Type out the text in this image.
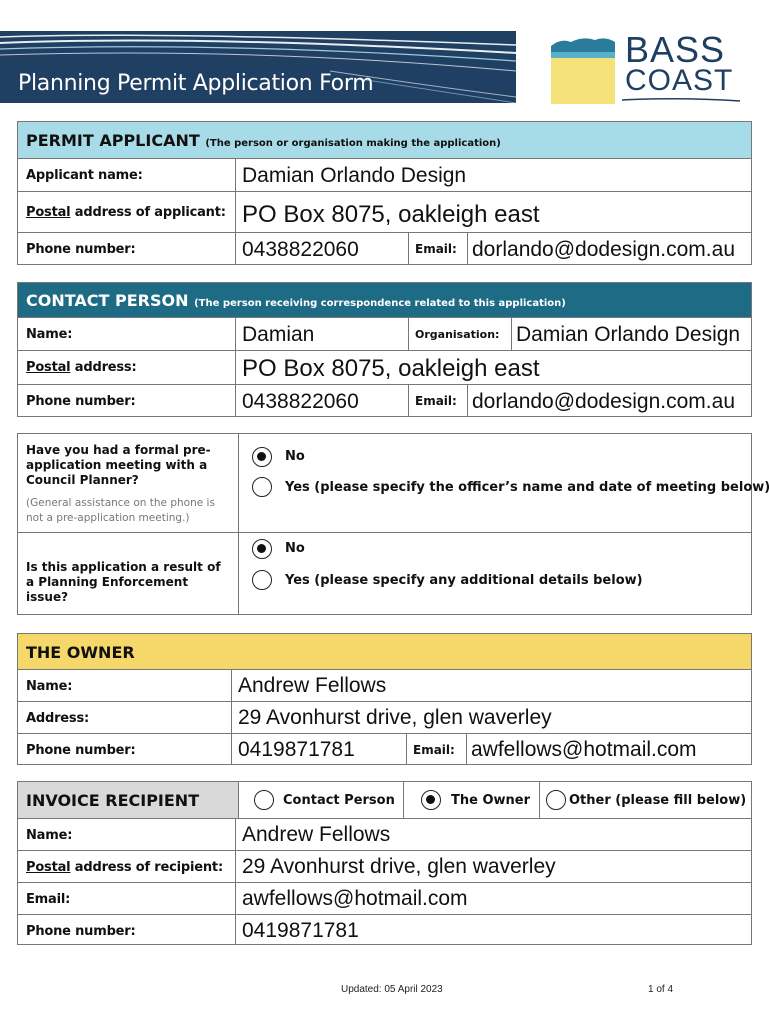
Planning Permit Application Form
BASS
COAST
PERMIT APPLICANT (The person or organisation making the application)
Applicant name:	Damian Orlando Design
Postal address of applicant: PO Box 8075, oakleigh east
Phone number:	0438822060	Email: dorlando@dodesign.com.au
CONTACT PERSON (The person receiving correspondence related to this application)
Name:	Damian	Organisation: Damian Orlando Design
Postal address:	PO Box 8075, oakleigh east
Phone number:	0438822060	Email: dorlando@dodesign.com.au
Have you had a formal pre-application meeting with a Council Planner?
(General assistance on the phone is not a pre-application meeting.)
No
Yes (please specify the officer’s name and date of meeting below)
Is this application a result of a Planning Enforcement issue?
No
Yes (please specify any additional details below)
THE OWNER
Name:	Andrew Fellows
Address:	29 Avonhurst drive, glen waverley
Phone number:	0419871781	Email: awfellows@hotmail.com
INVOICE RECIPIENT	Contact Person	The Owner	Other (please fill below)
Name:	Andrew Fellows
Postal address of recipient: 29 Avonhurst drive, glen waverley
Email:	awfellows@hotmail.com
Phone number:	0419871781
Updated: 05 April 2023	1 of 4
